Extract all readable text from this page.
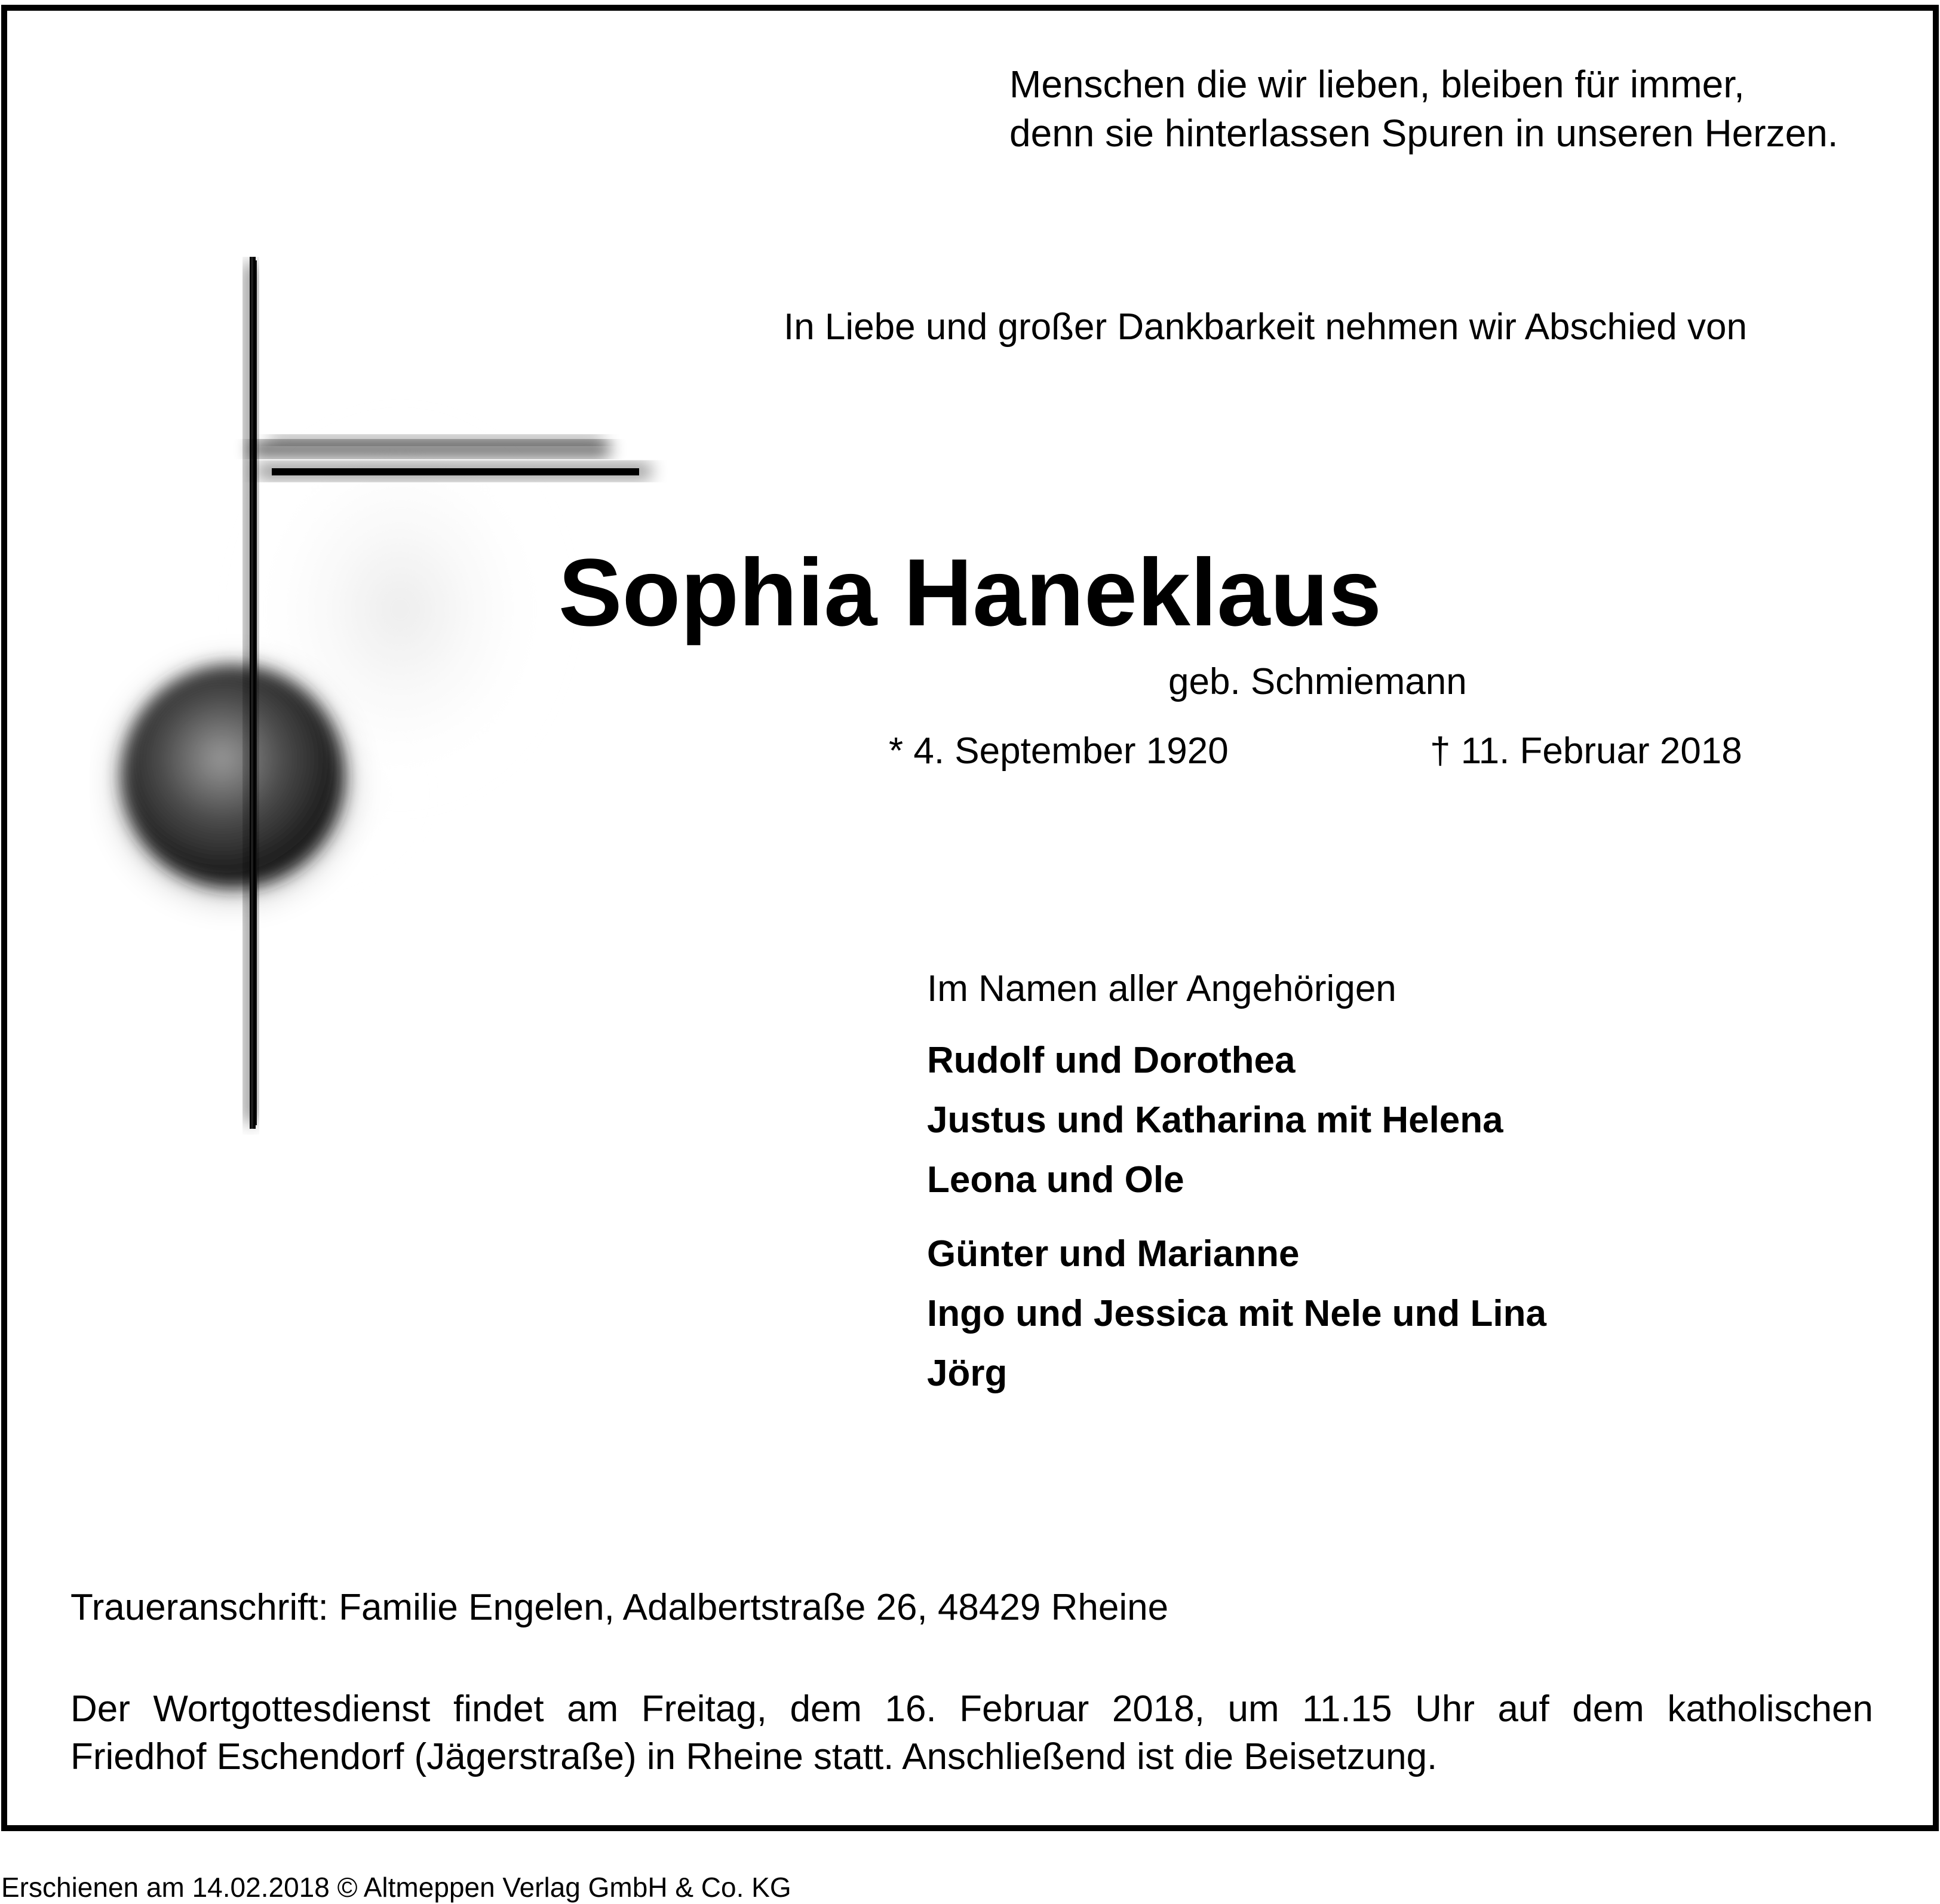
Menschen die wir lieben, bleiben für immer,
denn sie hinterlassen Spuren in unseren Herzen.
In Liebe und großer Dankbarkeit nehmen wir Abschied von
Sophia Haneklaus
geb. Schmiemann
* 4. September 1920	† 11. Februar 2018
Im Namen aller Angehörigen
Rudolf und Dorothea
Justus und Katharina mit Helena
Leona und Ole
Günter und Marianne
Ingo und Jessica mit Nele und Lina
Jörg
Traueranschrift: Familie Engelen, Adalbertstraße 26, 48429 Rheine
Der Wortgottesdienst findet am Freitag, dem 16. Februar 2018, um 11.15 Uhr auf dem katholischen
Friedhof Eschendorf (Jägerstraße) in Rheine statt. Anschließend ist die Beisetzung.
Erschienen am 14.02.2018 © Altmeppen Verlag GmbH & Co. KG
